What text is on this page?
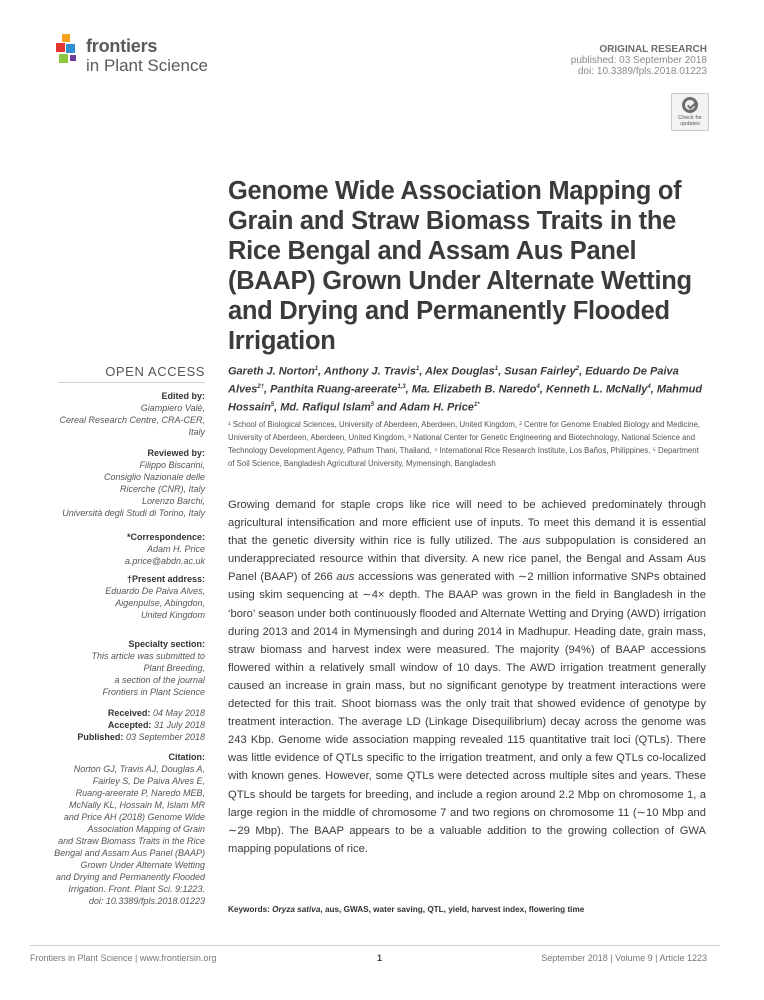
frontiers
in Plant Science
ORIGINAL RESEARCH
published: 03 September 2018
doi: 10.3389/fpls.2018.01223
Check for updates
Genome Wide Association Mapping of Grain and Straw Biomass Traits in the Rice Bengal and Assam Aus Panel (BAAP) Grown Under Alternate Wetting and Drying and Permanently Flooded Irrigation
OPEN ACCESS
Edited by:
Giampiero Valè,
Cereal Research Centre, CRA-CER,
Italy
Reviewed by:
Filippo Biscarini,
Consiglio Nazionale delle
Ricerche (CNR), Italy
Lorenzo Barchi,
Università degli Studi di Torino, Italy
*Correspondence:
Adam H. Price
a.price@abdn.ac.uk
†Present address:
Eduardo De Paiva Alves,
Aigenpulse, Abingdon,
United Kingdom
Specialty section:
This article was submitted to
Plant Breeding,
a section of the journal
Frontiers in Plant Science
Received: 04 May 2018
Accepted: 31 July 2018
Published: 03 September 2018
Citation:
Norton GJ, Travis AJ, Douglas A,
Fairley S, De Paiva Alves E,
Ruang-areerate P, Naredo MEB,
McNally KL, Hossain M, Islam MR
and Price AH (2018) Genome Wide
Association Mapping of Grain
and Straw Biomass Traits in the Rice
Bengal and Assam Aus Panel (BAAP)
Grown Under Alternate Wetting
and Drying and Permanently Flooded
Irrigation. Front. Plant Sci. 9:1223.
doi: 10.3389/fpls.2018.01223
Gareth J. Norton$^1$, Anthony J. Travis$^1$, Alex Douglas$^1$, Susan Fairley$^2$, Eduardo De Paiva Alves$^{2\dagger}$, Panthita Ruang-areerate$^{1,3}$, Ma. Elizabeth B. Naredo$^4$, Kenneth L. McNally$^4$, Mahmud Hossain$^5$, Md. Rafiqul Islam$^5$ and Adam H. Price$^{1*}$
¹ School of Biological Sciences, University of Aberdeen, Aberdeen, United Kingdom, ² Centre for Genome Enabled Biology and Medicine, University of Aberdeen, Aberdeen, United Kingdom, ³ National Center for Genetic Engineering and Biotechnology, National Science and Technology Development Agency, Pathum Thani, Thailand, ⁴ International Rice Research Institute, Los Baños, Philippines, ⁵ Department of Soil Science, Bangladesh Agricultural University, Mymensingh, Bangladesh
Growing demand for staple crops like rice will need to be achieved predominately through agricultural intensification and more efficient use of inputs. To meet this demand it is essential that the genetic diversity within rice is fully utilized. The aus subpopulation is considered an underappreciated resource within that diversity. A new rice panel, the Bengal and Assam Aus Panel (BAAP) of 266 aus accessions was generated with ∼2 million informative SNPs obtained using skim sequencing at ∼4× depth. The BAAP was grown in the field in Bangladesh in the ‘boro’ season under both continuously flooded and Alternate Wetting and Drying (AWD) irrigation during 2013 and 2014 in Mymensingh and during 2014 in Madhupur. Heading date, grain mass, straw biomass and harvest index were measured. The majority (94%) of BAAP accessions flowered within a relatively small window of 10 days. The AWD irrigation treatment generally caused an increase in grain mass, but no significant genotype by treatment interactions were detected for this trait. Shoot biomass was the only trait that showed evidence of genotype by treatment interaction. The average LD (Linkage Disequilibrium) decay across the genome was 243 Kbp. Genome wide association mapping revealed 115 quantitative trait loci (QTLs). There was little evidence of QTLs specific to the irrigation treatment, and only a few QTLs co-localized with known genes. However, some QTLs were detected across multiple sites and years. These QTLs should be targets for breeding, and include a region around 2.2 Mbp on chromosome 1, a large region in the middle of chromosome 7 and two regions on chromosome 11 (∼10 Mbp and ∼29 Mbp). The BAAP appears to be a valuable addition to the growing collection of GWA mapping populations of rice.
Keywords: Oryza sativa, aus, GWAS, water saving, QTL, yield, harvest index, flowering time
Frontiers in Plant Science | www.frontiersin.org	1	September 2018 | Volume 9 | Article 1223
